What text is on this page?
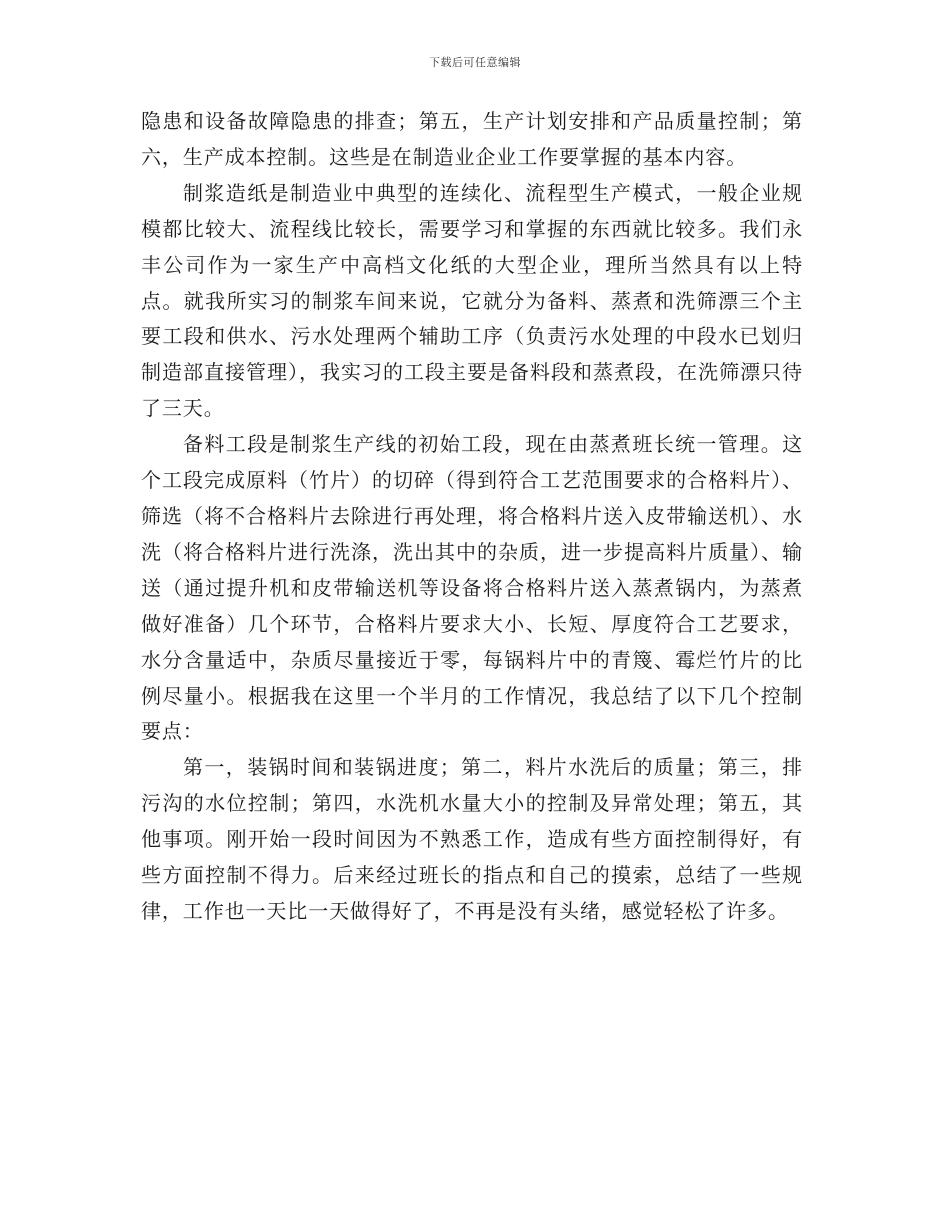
下载后可任意编辑

隐患和设备故障隐患的排查；第五，生产计划安排和产品质量控制；第六，生产成本控制。这些是在制造业企业工作要掌握的基本内容。

制浆造纸是制造业中典型的连续化、流程型生产模式，一般企业规模都比较大、流程线比较长，需要学习和掌握的东西就比较多。我们永丰公司作为一家生产中高档文化纸的大型企业，理所当然具有以上特点。就我所实习的制浆车间来说，它就分为备料、蒸煮和洗筛漂三个主要工段和供水、污水处理两个辅助工序（负责污水处理的中段水已划归制造部直接管理），我实习的工段主要是备料段和蒸煮段，在洗筛漂只待了三天。

备料工段是制浆生产线的初始工段，现在由蒸煮班长统一管理。这个工段完成原料（竹片）的切碎（得到符合工艺范围要求的合格料片）、筛选（将不合格料片去除进行再处理，将合格料片送入皮带输送机）、水洗（将合格料片进行洗涤，洗出其中的杂质，进一步提高料片质量）、输送（通过提升机和皮带输送机等设备将合格料片送入蒸煮锅内，为蒸煮做好准备）几个环节，合格料片要求大小、长短、厚度符合工艺要求，水分含量适中，杂质尽量接近于零，每锅料片中的青篾、霉烂竹片的比例尽量小。根据我在这里一个半月的工作情况，我总结了以下几个控制要点：

第一，装锅时间和装锅进度；第二，料片水洗后的质量；第三，排污沟的水位控制；第四，水洗机水量大小的控制及异常处理；第五，其他事项。刚开始一段时间因为不熟悉工作，造成有些方面控制得好，有些方面控制不得力。后来经过班长的指点和自己的摸索，总结了一些规律，工作也一天比一天做得好了，不再是没有头绪，感觉轻松了许多。
